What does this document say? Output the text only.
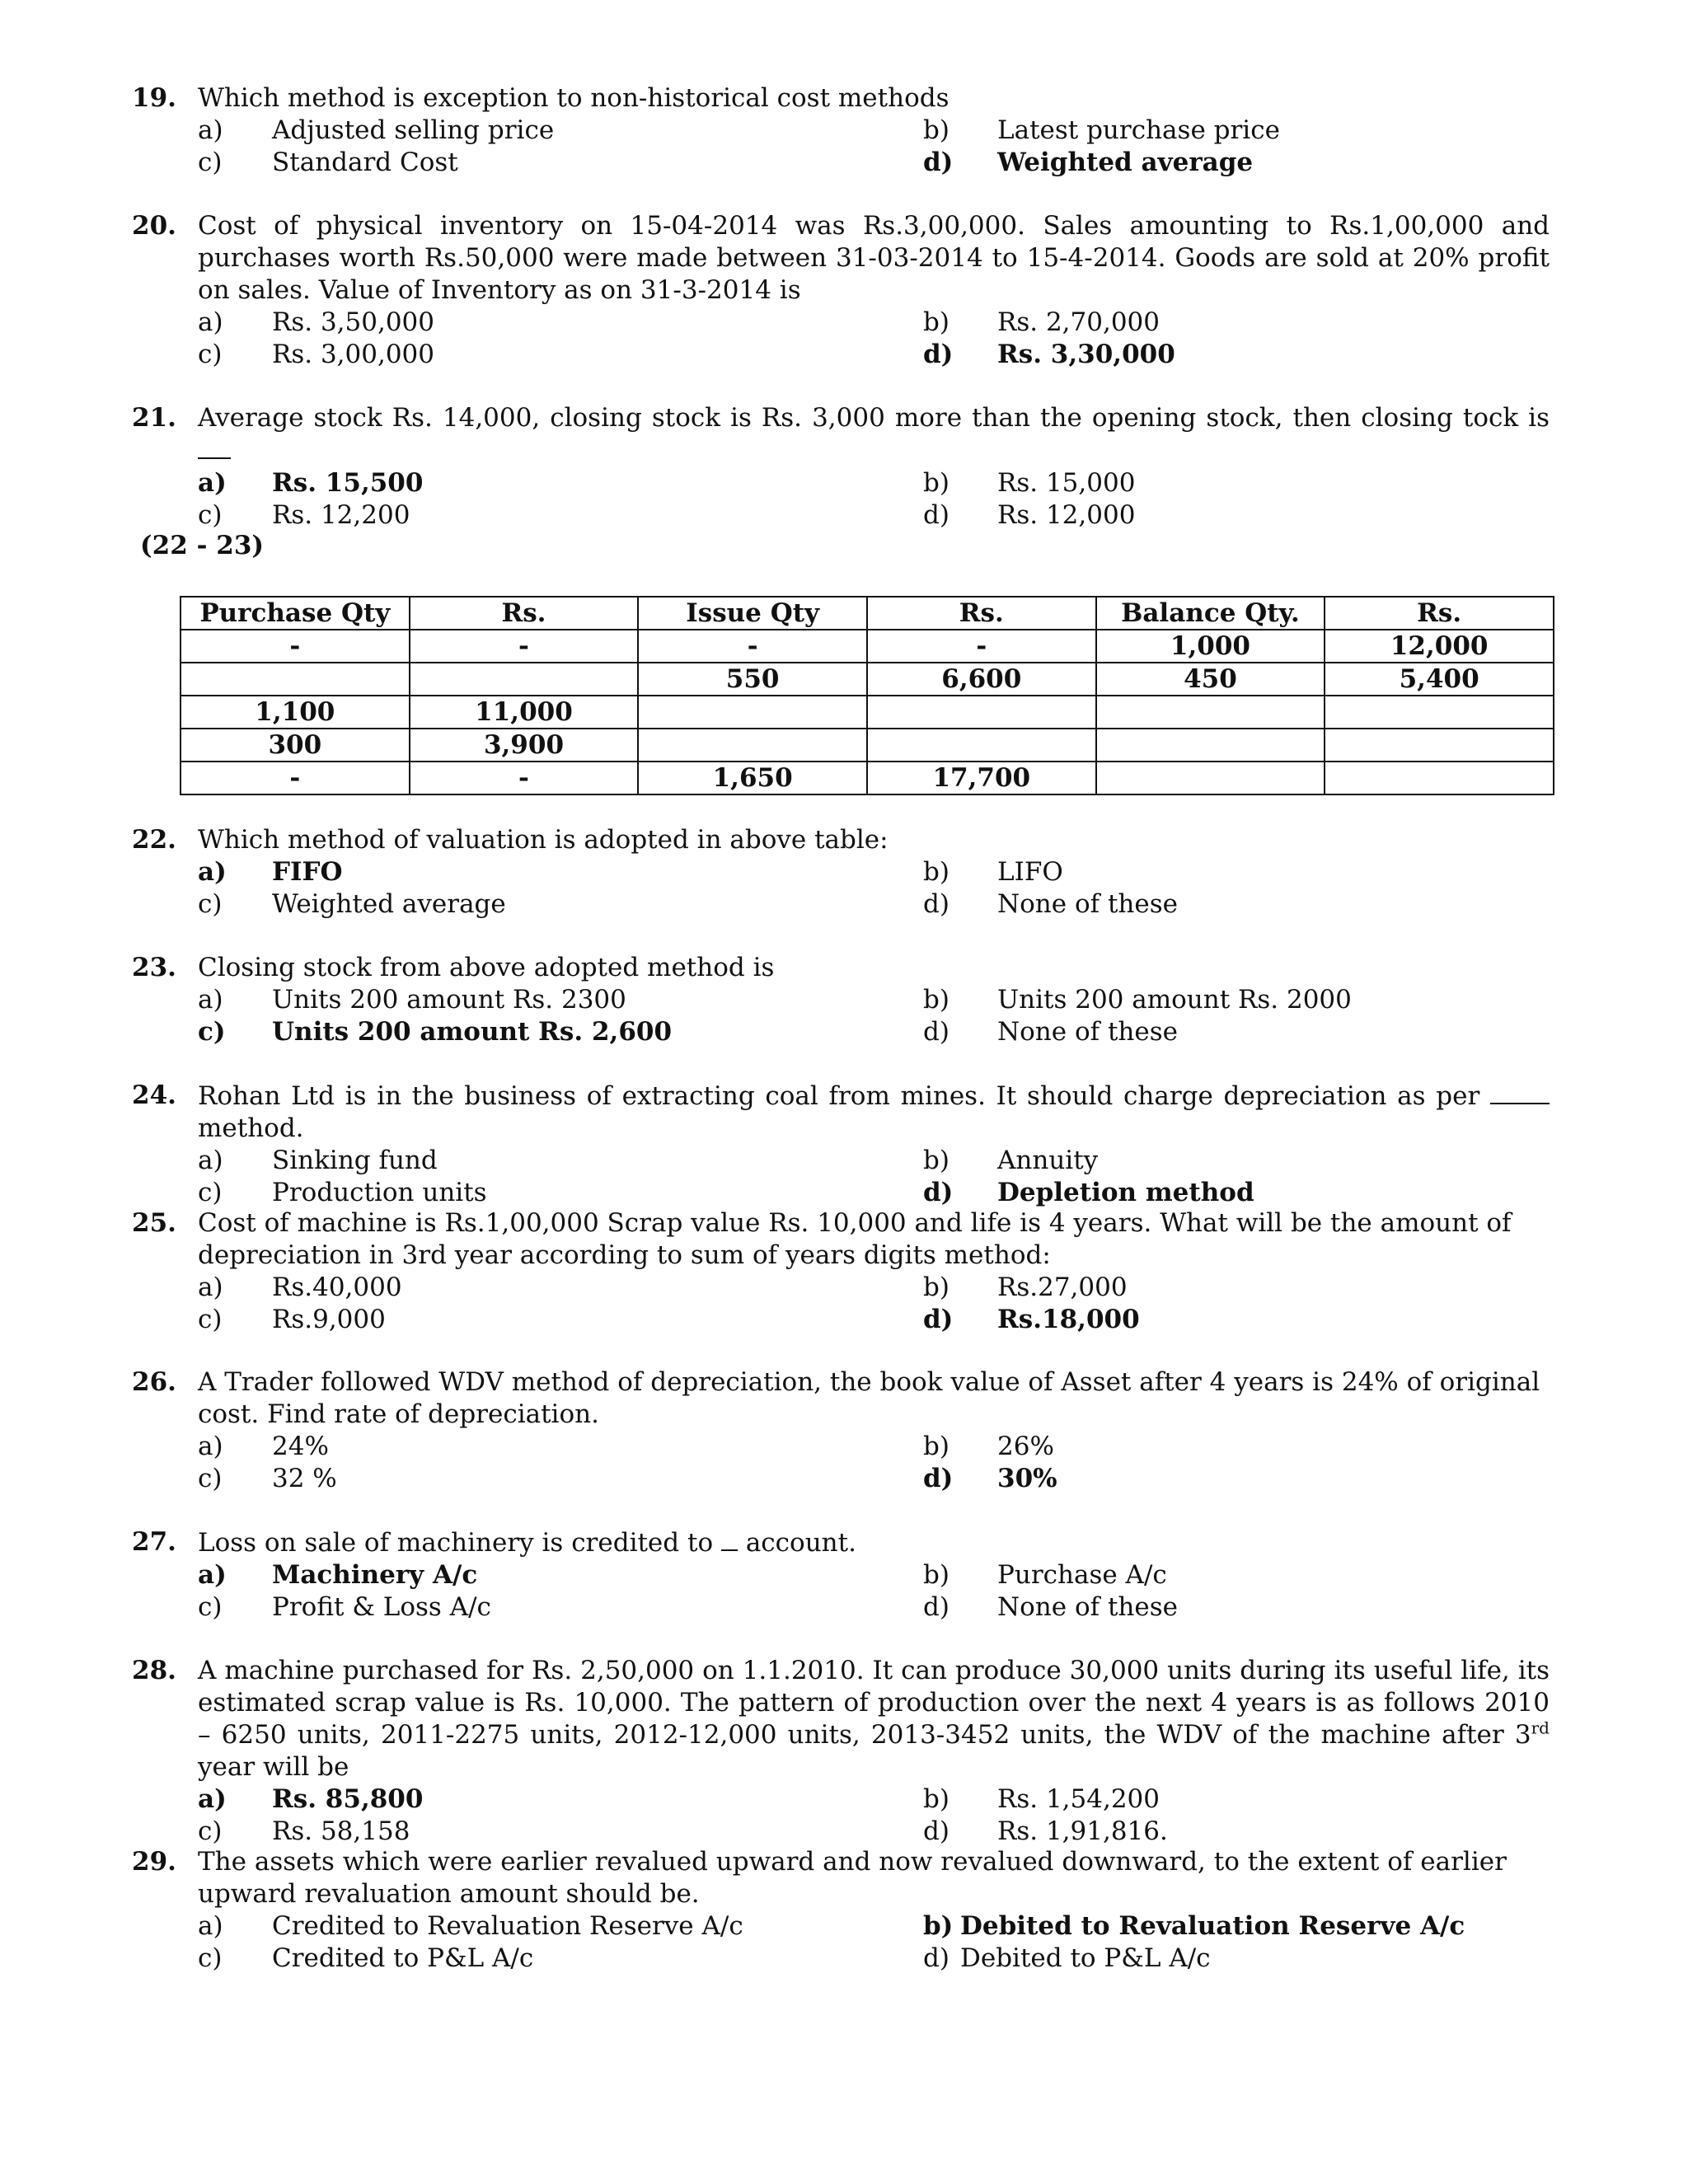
19. Which method is exception to non-historical cost methods
a)	Adjusted selling price	b)	Latest purchase price
c)	Standard Cost	d)	Weighted average
20. Cost of physical inventory on 15-04-2014 was Rs.3,00,000. Sales amounting to Rs.1,00,000 and purchases worth Rs.50,000 were made between 31-03-2014 to 15-4-2014. Goods are sold at 20% profit on sales. Value of Inventory as on 31-3-2014 is
a)	Rs. 3,50,000	b)	Rs. 2,70,000
c)	Rs. 3,00,000	d)	Rs. 3,30,000
21. Average stock Rs. 14,000, closing stock is Rs. 3,000 more than the opening stock, then closing tock is
a)	Rs. 15,500	b)	Rs. 15,000
c)	Rs. 12,200	d)	Rs. 12,000
(22 - 23)
Purchase Qty	Rs.	Issue Qty	Rs.	Balance Qty.	Rs.
-	-	-	-	1,000	12,000
		550	6,600	450	5,400
1,100	11,000				
300	3,900				
-	-	1,650	17,700		
22. Which method of valuation is adopted in above table:
a)	FIFO	b)	LIFO
c)	Weighted average	d)	None of these
23. Closing stock from above adopted method is
a)	Units 200 amount Rs. 2300	b)	Units 200 amount Rs. 2000
c)	Units 200 amount Rs. 2,600	d)	None of these
24. Rohan Ltd is in the business of extracting coal from mines. It should charge depreciation as per  method.
a)	Sinking fund	b)	Annuity
c)	Production units	d)	Depletion method
25. Cost of machine is Rs.1,00,000 Scrap value Rs. 10,000 and life is 4 years. What will be the amount of depreciation in 3rd year according to sum of years digits method:
a)	Rs.40,000	b)	Rs.27,000
c)	Rs.9,000	d)	Rs.18,000
26. A Trader followed WDV method of depreciation, the book value of Asset after 4 years is 24% of original cost. Find rate of depreciation.
a)	24%	b)	26%
c)	32 %	d)	30%
27. Loss on sale of machinery is credited to account.
a)	Machinery A/c	b)	Purchase A/c
c)	Profit & Loss A/c	d)	None of these
28. A machine purchased for Rs. 2,50,000 on 1.1.2010. It can produce 30,000 units during its useful life, its estimated scrap value is Rs. 10,000. The pattern of production over the next 4 years is as follows 2010 – 6250 units, 2011-2275 units, 2012-12,000 units, 2013-3452 units, the WDV of the machine after 3rd year will be
a)	Rs. 85,800	b)	Rs. 1,54,200
c)	Rs. 58,158	d)	Rs. 1,91,816.
29. The assets which were earlier revalued upward and now revalued downward, to the extent of earlier upward revaluation amount should be.
a)	Credited to Revaluation Reserve A/c	b) Debited to Revaluation Reserve A/c
c)	Credited to P&L A/c	d) Debited to P&L A/c
